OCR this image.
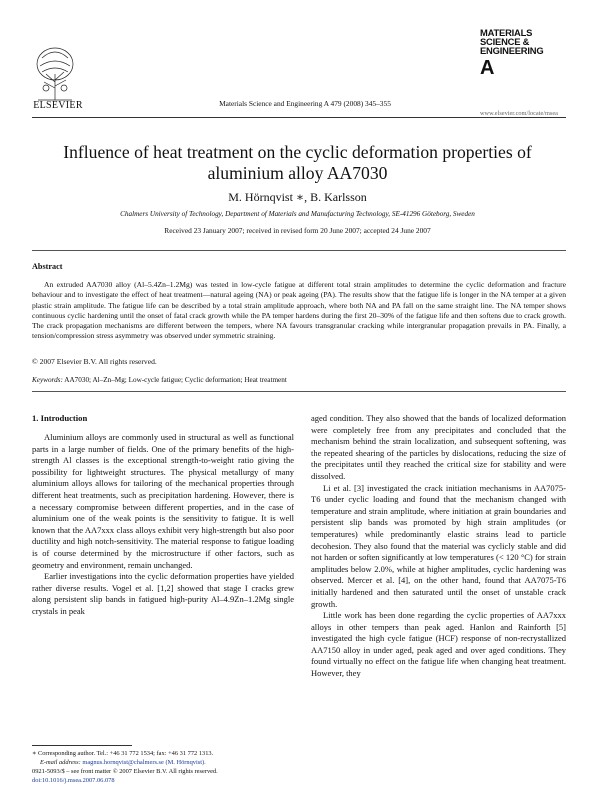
ELSEVIER	Materials Science and Engineering A 479 (2008) 345–355
MATERIALS
SCIENCE &
ENGINEERING
A
www.elsevier.com/locate/msea
Influence of heat treatment on the cyclic deformation properties of aluminium alloy AA7030
M. Hörnqvist ∗, B. Karlsson
Chalmers University of Technology, Department of Materials and Manufacturing Technology, SE-41296 Göteborg, Sweden
Received 23 January 2007; received in revised form 20 June 2007; accepted 24 June 2007
Abstract

An extruded AA7030 alloy (Al–5.4Zn–1.2Mg) was tested in low-cycle fatigue at different total strain amplitudes to determine the cyclic deformation and fracture behaviour and to investigate the effect of heat treatment—natural ageing (NA) or peak ageing (PA). The results show that the fatigue life is longer in the NA temper at a given plastic strain amplitude. The fatigue life can be described by a total strain amplitude approach, where both NA and PA fall on the same straight line. The NA temper shows continuous cyclic hardening until the onset of fatal crack growth while the PA temper hardens during the first 20–30% of the fatigue life and then softens due to crack growth. The crack propagation mechanisms are different between the tempers, where NA favours transgranular cracking while intergranular propagation prevails in PA. Finally, a tension/compression stress asymmetry was observed under symmetric straining.

© 2007 Elsevier B.V. All rights reserved.
Keywords: AA7030; Al–Zn–Mg; Low-cycle fatigue; Cyclic deformation; Heat treatment
1. Introduction

Aluminium alloys are commonly used in structural as well as functional parts in a large number of fields. One of the primary benefits of the high-strength Al classes is the exceptional strength-to-weight ratio giving the possibility for lightweight structures. The physical metallurgy of many aluminium alloys allows for tailoring of the mechanical properties through different heat treatments, such as precipitation hardening. However, there is a necessary compromise between different properties, and in the case of aluminium one of the weak points is the sensitivity to fatigue. It is well known that the AA7xxx class alloys exhibit very high-strength but also poor ductility and high notch-sensitivity. The material response to fatigue loading is of course determined by the microstructure if other factors, such as geometry and environment, remain unchanged.

Earlier investigations into the cyclic deformation properties have yielded rather diverse results. Vogel et al. [1,2] showed that stage I cracks grew along persistent slip bands in fatigued high-purity Al–4.9Zn–1.2Mg single crystals in peak

aged condition. They also showed that the bands of localized deformation were completely free from any precipitates and concluded that the mechanism behind the strain localization, and subsequent softening, was the repeated shearing of the particles by dislocations, reducing the size of the precipitates until they reached the critical size for stability and were dissolved.

Li et al. [3] investigated the crack initiation mechanisms in AA7075-T6 under cyclic loading and found that the mechanism changed with temperature and strain amplitude, where initiation at grain boundaries and persistent slip bands was promoted by high strain amplitudes (or temperatures) while predominantly elastic strains lead to particle decohesion. They also found that the material was cyclicly stable and did not harden or soften significantly at low temperatures (< 120 °C) for strain amplitudes below 2.0%, while at higher amplitudes, cyclic hardening was observed. Mercer et al. [4], on the other hand, found that AA7075-T6 initially hardened and then saturated until the onset of unstable crack growth.

Little work has been done regarding the cyclic properties of AA7xxx alloys in other tempers than peak aged. Hanlon and Rainforth [5] investigated the high cycle fatigue (HCF) response of non-recrystallized AA7150 alloy in under aged, peak aged and over aged conditions. They found virtually no effect on the fatigue life when changing heat treatment. However, they

∗ Corresponding author. Tel.: +46 31 772 1534; fax: +46 31 772 1313.
E-mail address: magnus.hornqvist@chalmers.se (M. Hörnqvist).
0921-5093/$ – see front matter © 2007 Elsevier B.V. All rights reserved.
doi:10.1016/j.msea.2007.06.078
